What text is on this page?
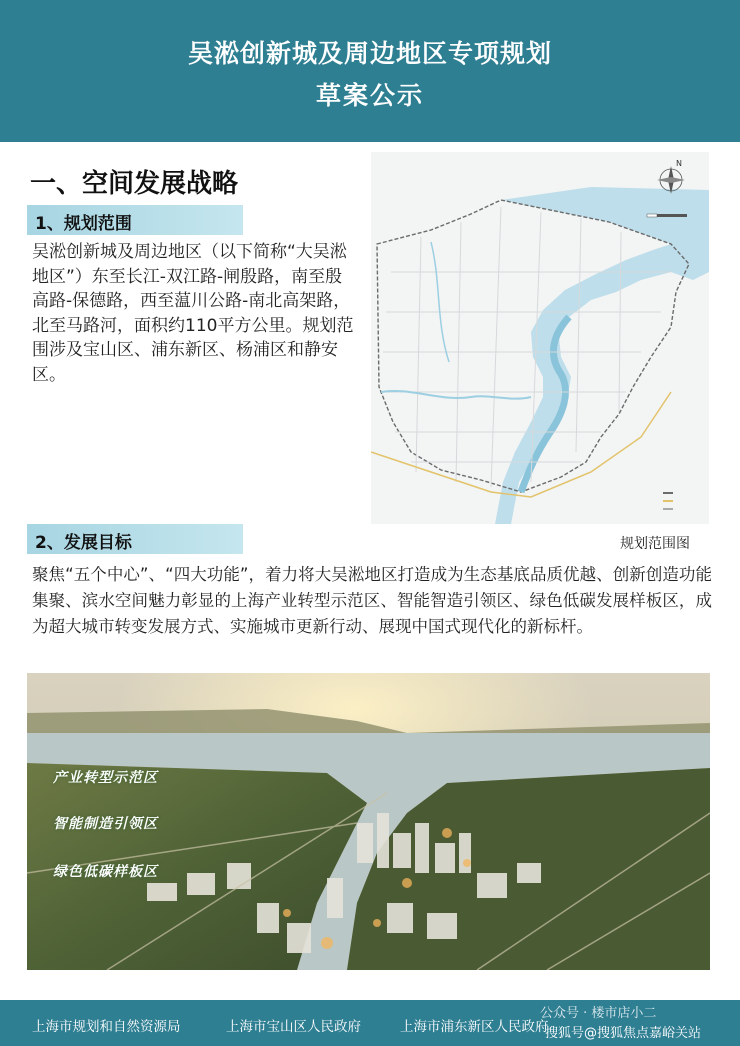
吴淞创新城及周边地区专项规划
草案公示
一、空间发展战略
1、规划范围
吴淞创新城及周边地区（以下简称“大吴淞地区”）东至长江-双江路-闸殷路，南至殷高路-保德路，西至蕰川公路-南北高架路，北至马路河，面积约110平方公里。规划范围涉及宝山区、浦东新区、杨浦区和静安区。
N
规划范围图
2、发展目标
聚焦“五个中心”、“四大功能”，着力将大吴淞地区打造成为生态基底品质优越、创新创造功能集聚、滨水空间魅力彰显的上海产业转型示范区、智能智造引领区、绿色低碳发展样板区，成为超大城市转变发展方式、实施城市更新行动、展现中国式现代化的新标杆。
产业转型示范区
智能制造引领区
绿色低碳样板区
上海市规划和自然资源局	上海市宝山区人民政府	上海市浦东新区人民政府
公众号 · 楼市店小二
搜狐号@搜狐焦点嘉峪关站
